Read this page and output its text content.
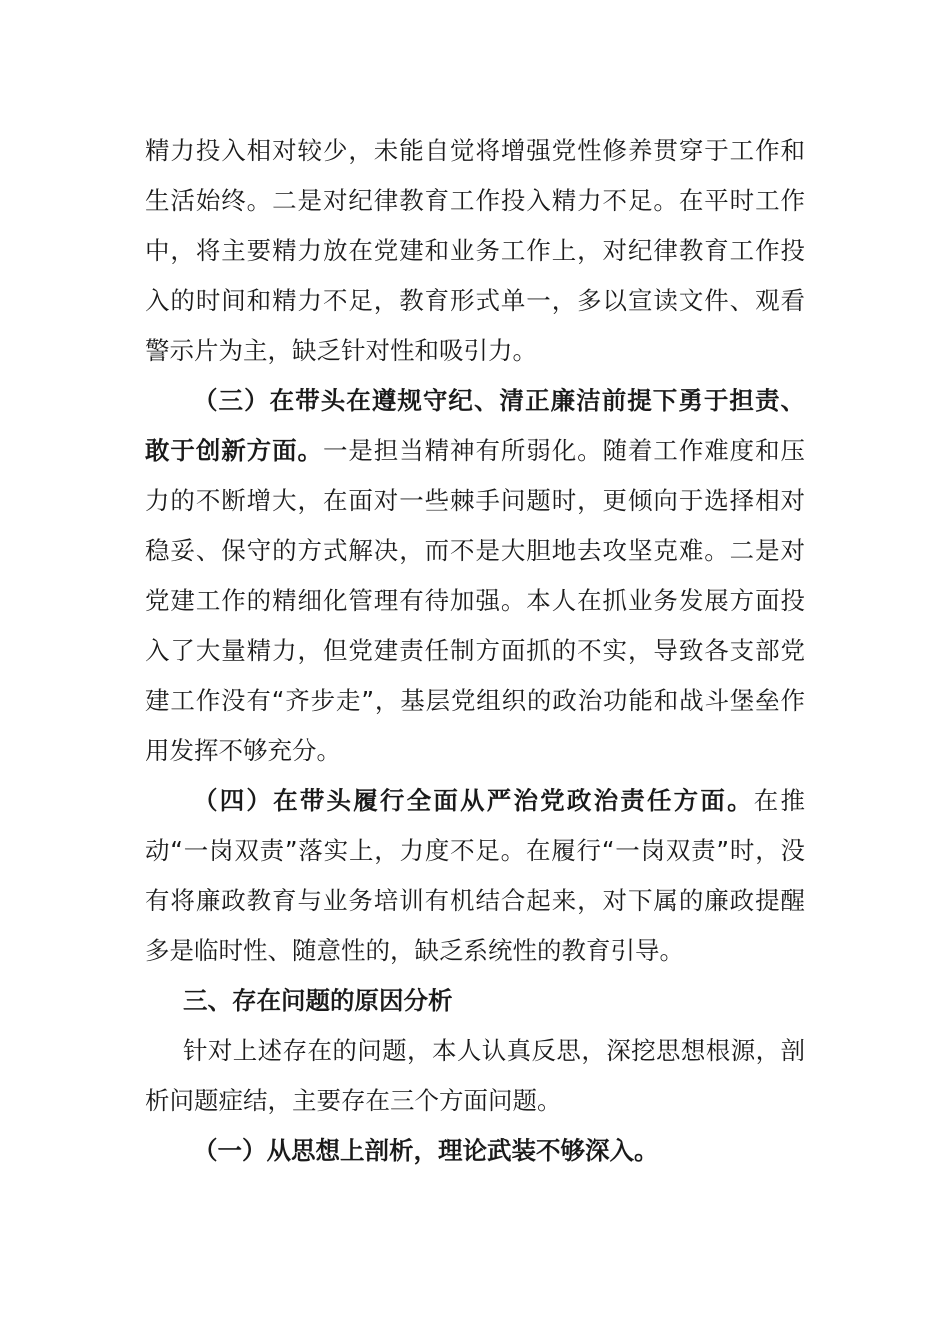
精力投入相对较少，未能自觉将增强党性修养贯穿于工作和生活始终。二是对纪律教育工作投入精力不足。在平时工作中，将主要精力放在党建和业务工作上，对纪律教育工作投入的时间和精力不足，教育形式单一，多以宣读文件、观看警示片为主，缺乏针对性和吸引力。

（三）在带头在遵规守纪、清正廉洁前提下勇于担责、敢于创新方面。一是担当精神有所弱化。随着工作难度和压力的不断增大，在面对一些棘手问题时，更倾向于选择相对稳妥、保守的方式解决，而不是大胆地去攻坚克难。二是对党建工作的精细化管理有待加强。本人在抓业务发展方面投入了大量精力，但党建责任制方面抓的不实，导致各支部党建工作没有“齐步走”，基层党组织的政治功能和战斗堡垒作用发挥不够充分。

（四）在带头履行全面从严治党政治责任方面。在推动“一岗双责”落实上，力度不足。在履行“一岗双责”时，没有将廉政教育与业务培训有机结合起来，对下属的廉政提醒多是临时性、随意性的，缺乏系统性的教育引导。

三、存在问题的原因分析

针对上述存在的问题，本人认真反思，深挖思想根源，剖析问题症结，主要存在三个方面问题。

（一）从思想上剖析，理论武装不够深入。
